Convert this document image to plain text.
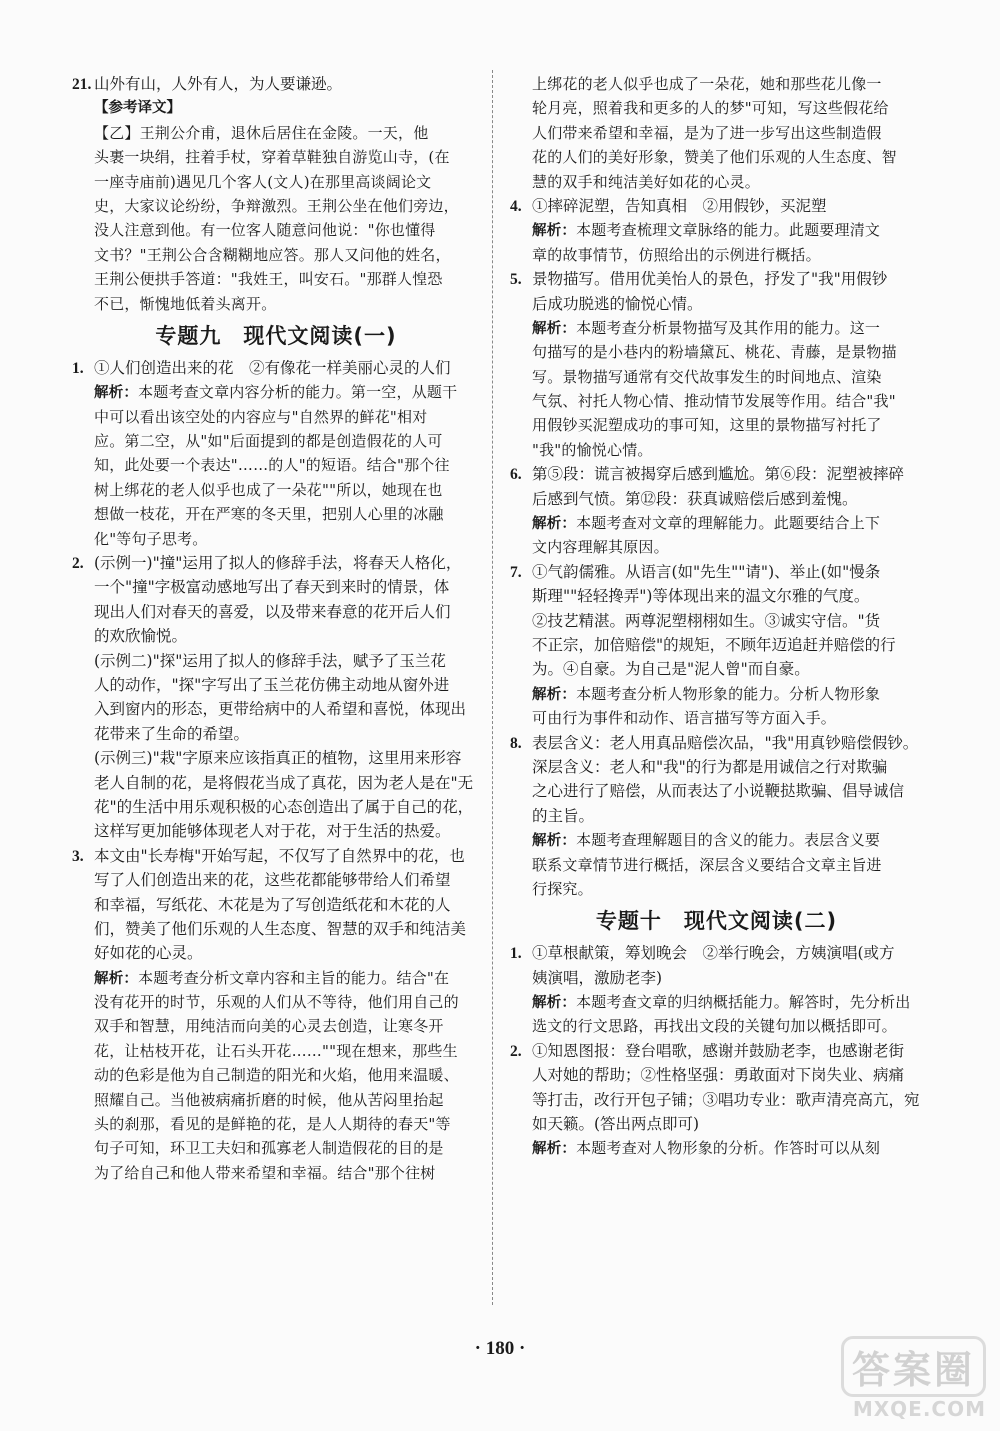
21. 山外有山，人外有人，为人要谦逊。
【参考译文】
【乙】王荆公介甫，退休后居住在金陵。一天，他
头裹一块绢，拄着手杖，穿着草鞋独自游览山寺，(在
一座寺庙前)遇见几个客人(文人)在那里高谈阔论文
史，大家议论纷纷，争辩激烈。王荆公坐在他们旁边，
没人注意到他。有一位客人随意问他说："你也懂得
文书？"王荆公合含糊糊地应答。那人又问他的姓名，
王荆公便拱手答道："我姓王，叫安石。"那群人惶恐
不已，惭愧地低着头离开。
专题九　现代文阅读(一)
1. ①人们创造出来的花　②有像花一样美丽心灵的人们
解析：本题考查文章内容分析的能力。第一空，从题干
中可以看出该空处的内容应与"自然界的鲜花"相对
应。第二空，从"如"后面提到的都是创造假花的人可
知，此处要一个表达"……的人"的短语。结合"那个往
树上绑花的老人似乎也成了一朵花""所以，她现在也
想做一枝花，开在严寒的冬天里，把别人心里的冰融
化"等句子思考。
2. (示例一)"撞"运用了拟人的修辞手法，将春天人格化，
一个"撞"字极富动感地写出了春天到来时的情景，体
现出人们对春天的喜爱，以及带来春意的花开后人们
的欢欣愉悦。
(示例二)"探"运用了拟人的修辞手法，赋予了玉兰花
人的动作，"探"字写出了玉兰花仿佛主动地从窗外进
入到窗内的形态，更带给病中的人希望和喜悦，体现出
花带来了生命的希望。
(示例三)"栽"字原来应该指真正的植物，这里用来形容
老人自制的花，是将假花当成了真花，因为老人是在"无
花"的生活中用乐观积极的心态创造出了属于自己的花，
这样写更加能够体现老人对于花，对于生活的热爱。
3. 本文由"长寿梅"开始写起，不仅写了自然界中的花，也
写了人们创造出来的花，这些花都能够带给人们希望
和幸福，写纸花、木花是为了写创造纸花和木花的人
们，赞美了他们乐观的人生态度、智慧的双手和纯洁美
好如花的心灵。
解析：本题考查分析文章内容和主旨的能力。结合"在
没有花开的时节，乐观的人们从不等待，他们用自己的
双手和智慧，用纯洁而向美的心灵去创造，让寒冬开
花，让枯枝开花，让石头开花……""现在想来，那些生
动的色彩是他为自己制造的阳光和火焰，他用来温暖、
照耀自己。当他被病痛折磨的时候，他从苦闷里抬起
头的刹那，看见的是鲜艳的花，是人人期待的春天"等
句子可知，环卫工夫妇和孤寡老人制造假花的目的是
为了给自己和他人带来希望和幸福。结合"那个往树
上绑花的老人似乎也成了一朵花，她和那些花儿像一
轮月亮，照着我和更多的人的梦"可知，写这些假花给
人们带来希望和幸福，是为了进一步写出这些制造假
花的人们的美好形象，赞美了他们乐观的人生态度、智
慧的双手和纯洁美好如花的心灵。
4. ①摔碎泥塑，告知真相　②用假钞，买泥塑
解析：本题考查梳理文章脉络的能力。此题要理清文
章的故事情节，仿照给出的示例进行概括。
5. 景物描写。借用优美怡人的景色，抒发了"我"用假钞
后成功脱逃的愉悦心情。
解析：本题考查分析景物描写及其作用的能力。这一
句描写的是小巷内的粉墙黛瓦、桃花、青藤，是景物描
写。景物描写通常有交代故事发生的时间地点、渲染
气氛、衬托人物心情、推动情节发展等作用。结合"我"
用假钞买泥塑成功的事可知，这里的景物描写衬托了
"我"的愉悦心情。
6. 第⑤段：谎言被揭穿后感到尴尬。第⑥段：泥塑被摔碎
后感到气愤。第⑫段：获真诚赔偿后感到羞愧。
解析：本题考查对文章的理解能力。此题要结合上下
文内容理解其原因。
7. ①气韵儒雅。从语言(如"先生""请")、举止(如"慢条
斯理""轻轻搀弄")等体现出来的温文尔雅的气度。
②技艺精湛。两尊泥塑栩栩如生。③诚实守信。"货
不正宗，加倍赔偿"的规矩，不顾年迈追赶并赔偿的行
为。④自豪。为自己是"泥人曾"而自豪。
解析：本题考查分析人物形象的能力。分析人物形象
可由行为事件和动作、语言描写等方面入手。
8. 表层含义：老人用真品赔偿次品，"我"用真钞赔偿假钞。
深层含义：老人和"我"的行为都是用诚信之行对欺骗
之心进行了赔偿，从而表达了小说鞭挞欺骗、倡导诚信
的主旨。
解析：本题考查理解题目的含义的能力。表层含义要
联系文章情节进行概括，深层含义要结合文章主旨进
行探究。
专题十　现代文阅读(二)
1. ①草根献策，筹划晚会　②举行晚会，方姨演唱(或方
姨演唱，激励老李)
解析：本题考查文章的归纳概括能力。解答时，先分析出
选文的行文思路，再找出文段的关键句加以概括即可。
2. ①知恩图报：登台唱歌，感谢并鼓励老李，也感谢老街
人对她的帮助；②性格坚强：勇敢面对下岗失业、病痛
等打击，改行开包子铺；③唱功专业：歌声清亮高亢，宛
如天籁。(答出两点即可)
解析：本题考查对人物形象的分析。作答时可以从刻
· 180 ·	答案圈
MXQE.COM
